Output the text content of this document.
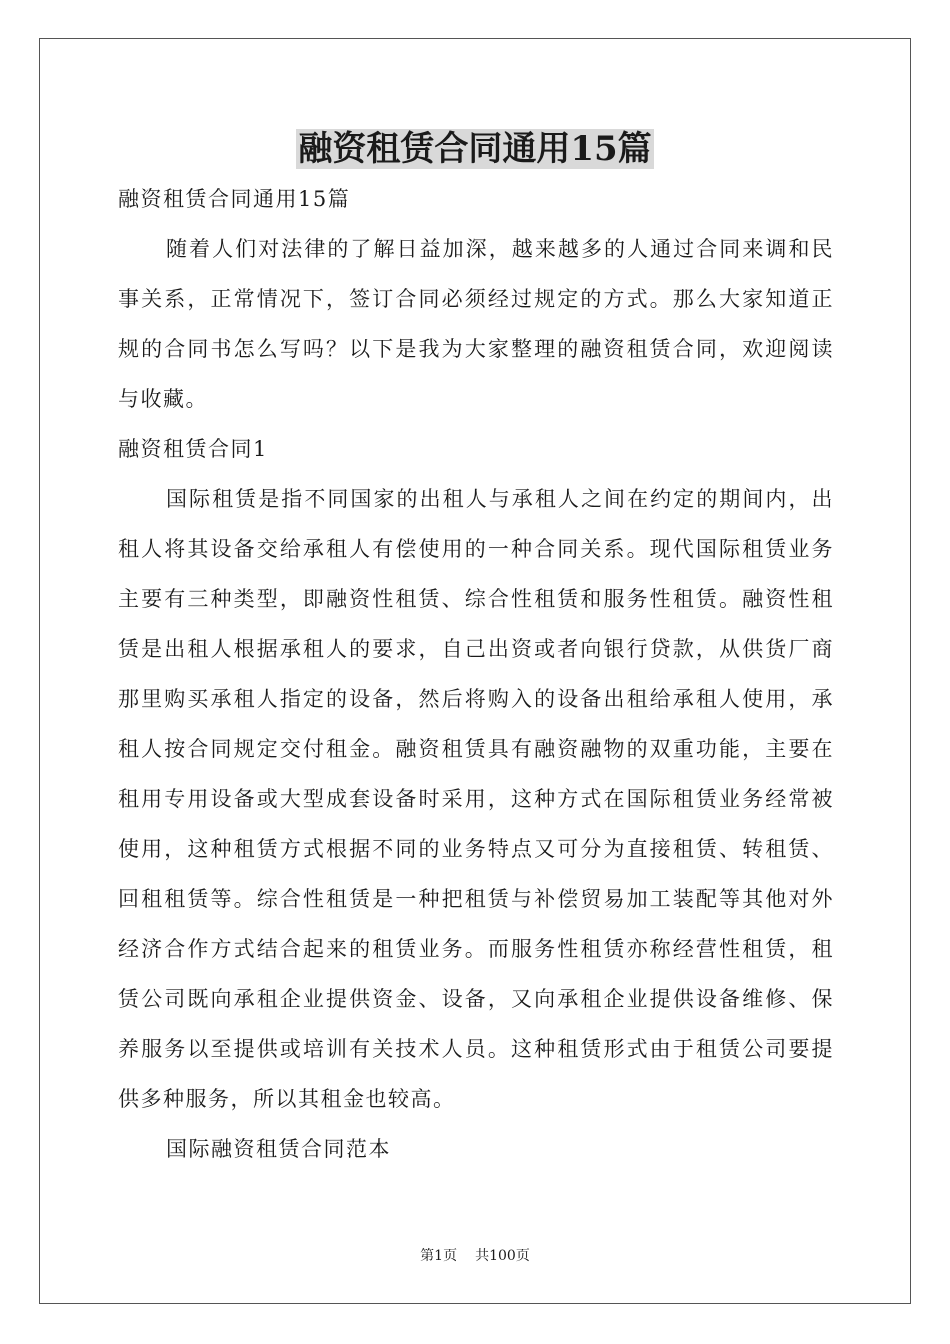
融资租赁合同通用15篇

融资租赁合同通用15篇

随着人们对法律的了解日益加深，越来越多的人通过合同来调和民事关系，正常情况下，签订合同必须经过规定的方式。那么大家知道正规的合同书怎么写吗？以下是我为大家整理的融资租赁合同，欢迎阅读与收藏。

融资租赁合同1

国际租赁是指不同国家的出租人与承租人之间在约定的期间内，出租人将其设备交给承租人有偿使用的一种合同关系。现代国际租赁业务主要有三种类型，即融资性租赁、综合性租赁和服务性租赁。融资性租赁是出租人根据承租人的要求，自己出资或者向银行贷款，从供货厂商那里购买承租人指定的设备，然后将购入的设备出租给承租人使用，承租人按合同规定交付租金。融资租赁具有融资融物的双重功能，主要在租用专用设备或大型成套设备时采用，这种方式在国际租赁业务经常被使用，这种租赁方式根据不同的业务特点又可分为直接租赁、转租赁、回租租赁等。综合性租赁是一种把租赁与补偿贸易加工装配等其他对外经济合作方式结合起来的租赁业务。而服务性租赁亦称经营性租赁，租赁公司既向承租企业提供资金、设备，又向承租企业提供设备维修、保养服务以至提供或培训有关技术人员。这种租赁形式由于租赁公司要提供多种服务，所以其租金也较高。

国际融资租赁合同范本

第1页 共100页
